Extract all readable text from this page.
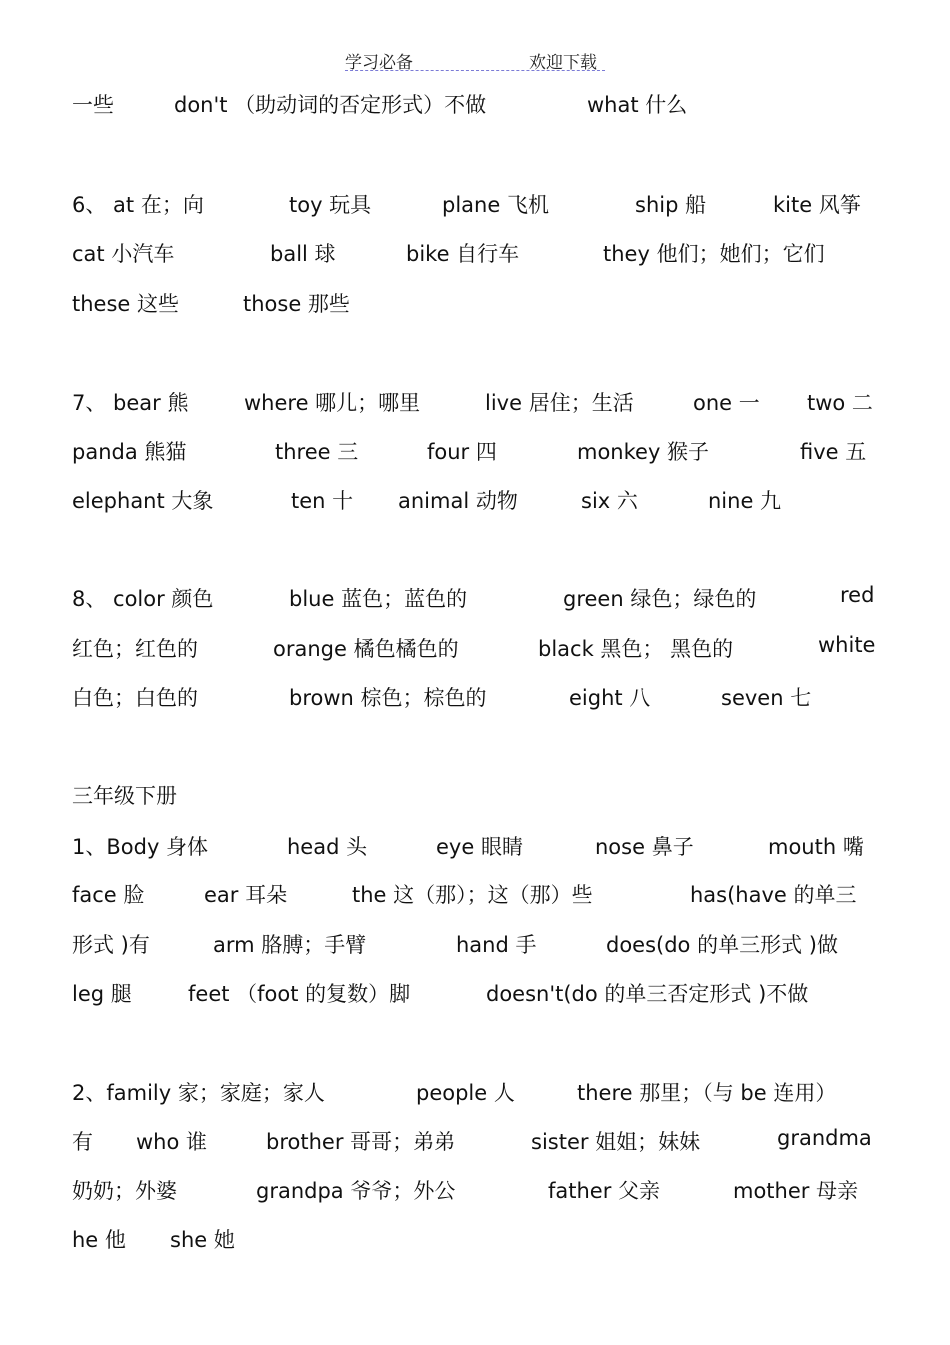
学习必备	欢迎下载
一些	don't （助动词的否定形式）不做	what 什么
6、 at 在；向	toy 玩具	plane 飞机	ship 船	kite 风筝
cat 小汽车	ball 球	bike 自行车	they 他们；她们；它们
these 这些	those 那些
7、 bear 熊	where 哪儿；哪里	live 居住；生活	one 一 two 二
panda 熊猫	three 三	four 四	monkey 猴子	five 五
elephant 大象	ten 十 animal 动物	six 六	nine 九
8、 color 颜色	blue 蓝色；蓝色的	green 绿色；绿色的	red
红色；红色的	orange 橘色橘色的	black 黑色； 黑色的	white
白色；白色的	brown 棕色；棕色的	eight 八	seven 七
三年级下册
1、Body 身体	head 头	eye 眼睛	nose 鼻子	mouth 嘴
face 脸	ear 耳朵	the 这（那）；这（那）些	has(have 的单三
形式 )有	arm 胳膊；手臂	hand 手	does(do 的单三形式 )做
leg 腿	feet （foot 的复数）脚	doesn't(do 的单三否定形式 )不做
2、family 家；家庭；家人	people 人	there 那里；（与 be 连用）
有 who 谁	brother 哥哥；弟弟	sister 姐姐；妹妹	grandma
奶奶；外婆	grandpa 爷爷；外公	father 父亲	mother 母亲
he 他 she 她
